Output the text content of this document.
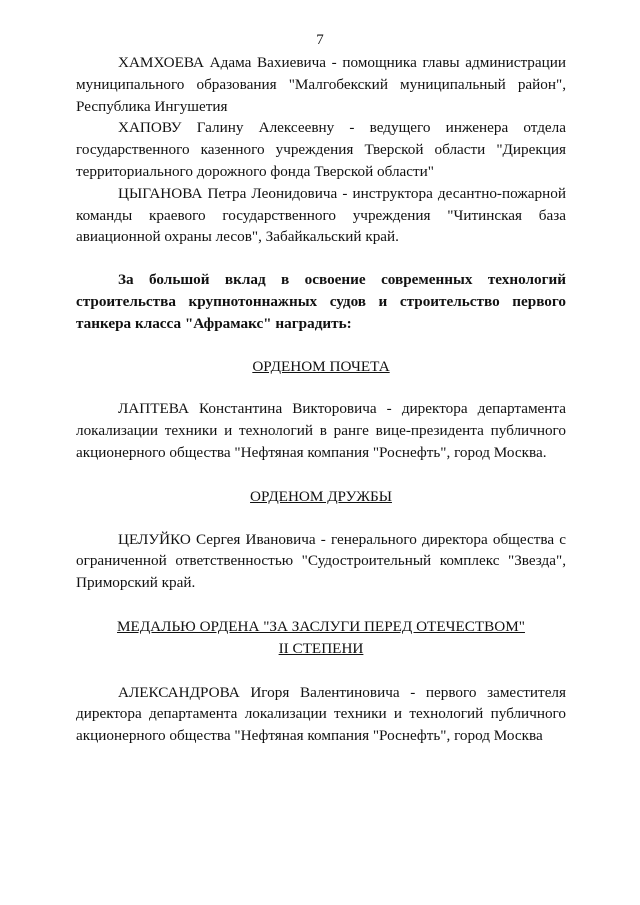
7

ХАМХОЕВА Адама Вахиевича - помощника главы администрации муниципального образования "Малгобекский муниципальный район", Республика Ингушетия

ХАПОВУ Галину Алексеевну - ведущего инженера отдела государственного казенного учреждения Тверской области "Дирекция территориального дорожного фонда Тверской области"

ЦЫГАНОВА Петра Леонидовича - инструктора десантно-пожарной команды краевого государственного учреждения "Читинская база авиационной охраны лесов", Забайкальский край.

За большой вклад в освоение современных технологий строительства крупнотоннажных судов и строительство первого танкера класса "Афрамакс" наградить:

ОРДЕНОМ ПОЧЕТА

ЛАПТЕВА Константина Викторовича - директора департамента локализации техники и технологий в ранге вице-президента публичного акционерного общества "Нефтяная компания "Роснефть", город Москва.

ОРДЕНОМ ДРУЖБЫ

ЦЕЛУЙКО Сергея Ивановича - генерального директора общества с ограниченной ответственностью "Судостроительный комплекс "Звезда", Приморский край.

МЕДАЛЬЮ ОРДЕНА "ЗА ЗАСЛУГИ ПЕРЕД ОТЕЧЕСТВОМ"

II СТЕПЕНИ

АЛЕКСАНДРОВА Игоря Валентиновича - первого заместителя директора департамента локализации техники и технологий публичного акционерного общества "Нефтяная компания "Роснефть", город Москва
